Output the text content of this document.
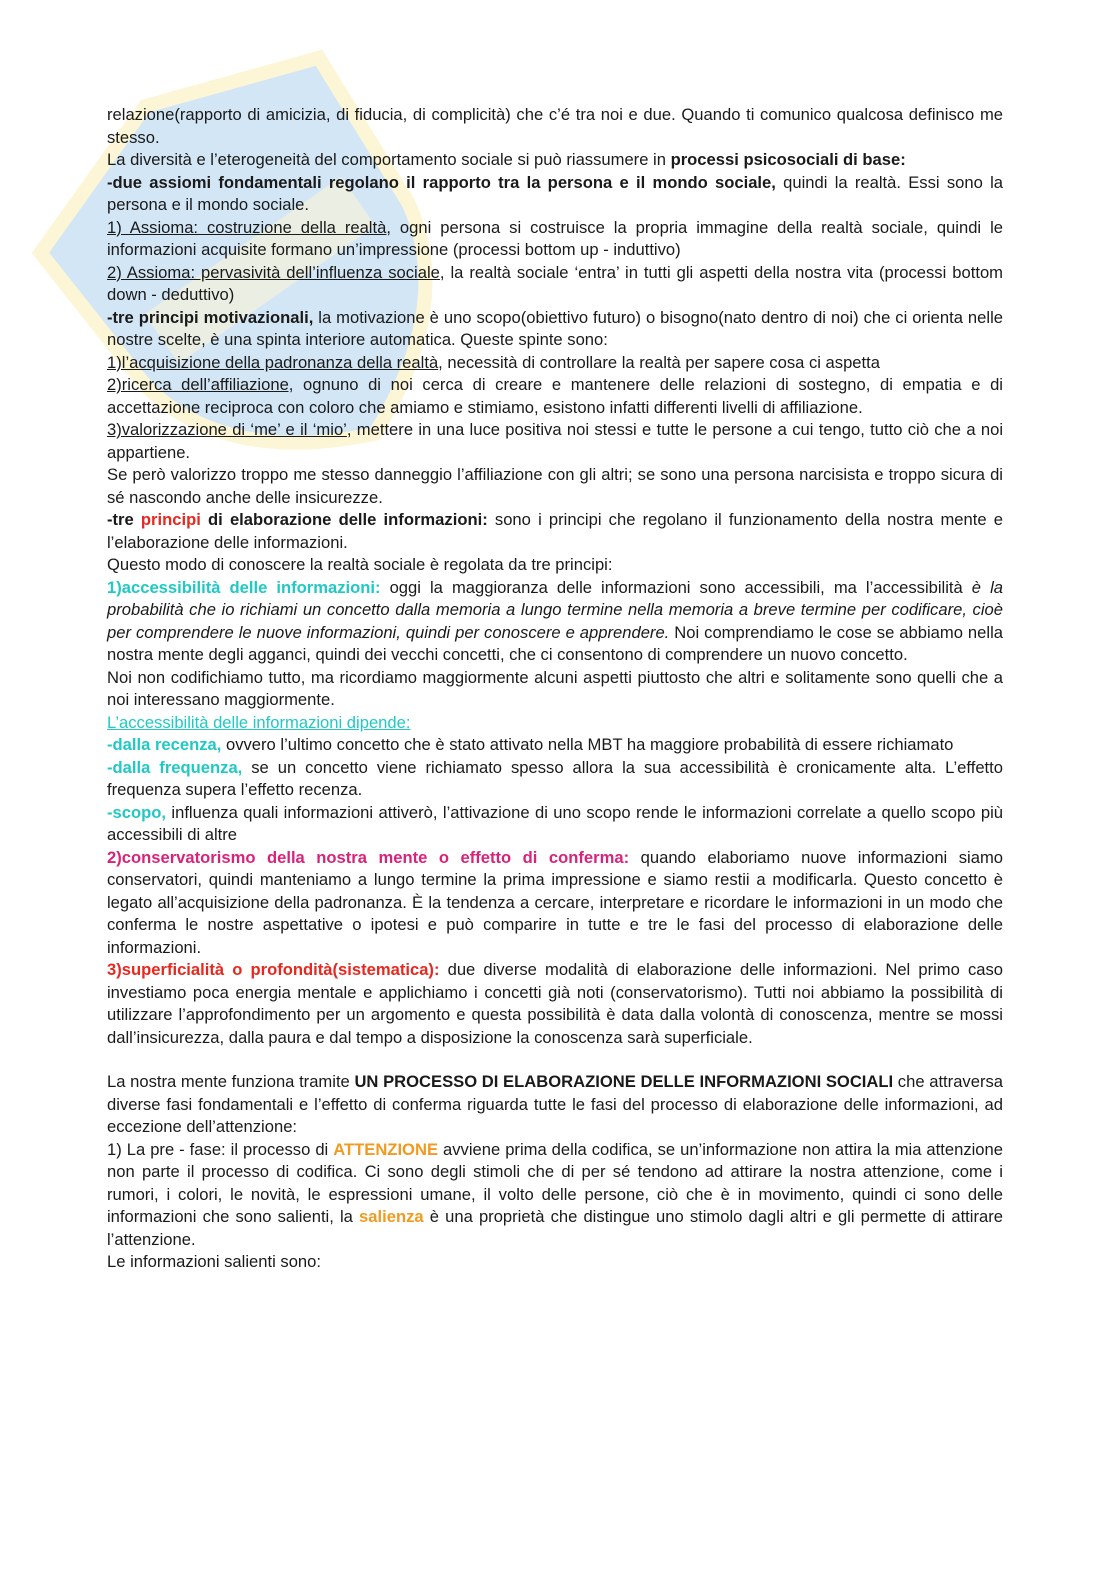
relazione(rapporto di amicizia, di fiducia, di complicità) che c’é tra noi e due. Quando ti comunico qualcosa definisco me stesso.

La diversità e l’eterogeneità del comportamento sociale si può riassumere in processi psicosociali di base:

-due assiomi fondamentali regolano il rapporto tra la persona e il mondo sociale, quindi la realtà. Essi sono la persona e il mondo sociale.

1) Assioma: costruzione della realtà, ogni persona si costruisce la propria immagine della realtà sociale, quindi le informazioni acquisite formano un’impressione (processi bottom up - induttivo)

2) Assioma: pervasività dell’influenza sociale, la realtà sociale ‘entra’ in tutti gli aspetti della nostra vita (processi bottom down - deduttivo)

-tre principi motivazionali, la motivazione è uno scopo(obiettivo futuro) o bisogno(nato dentro di noi) che ci orienta nelle nostre scelte, è una spinta interiore automatica. Queste spinte sono:

1)l’acquisizione della padronanza della realtà, necessità di controllare la realtà per sapere cosa ci aspetta

2)ricerca dell’affiliazione, ognuno di noi cerca di creare e mantenere delle relazioni di sostegno, di empatia e di accettazione reciproca con coloro che amiamo e stimiamo, esistono infatti differenti livelli di affiliazione.

3)valorizzazione di ‘me’ e il ‘mio’, mettere in una luce positiva noi stessi e tutte le persone a cui tengo, tutto ciò che a noi appartiene.

Se però valorizzo troppo me stesso danneggio l’affiliazione con gli altri; se sono una persona narcisista e troppo sicura di sé nascondo anche delle insicurezze.

-tre principi di elaborazione delle informazioni: sono i principi che regolano il funzionamento della nostra mente e l’elaborazione delle informazioni.

Questo modo di conoscere la realtà sociale è regolata da tre principi:

1)accessibilità delle informazioni: oggi la maggioranza delle informazioni sono accessibili, ma l’accessibilità è la probabilità che io richiami un concetto dalla memoria a lungo termine nella memoria a breve termine per codificare, cioè per comprendere le nuove informazioni, quindi per conoscere e apprendere. Noi comprendiamo le cose se abbiamo nella nostra mente degli agganci, quindi dei vecchi concetti, che ci consentono di comprendere un nuovo concetto.

Noi non codifichiamo tutto, ma ricordiamo maggiormente alcuni aspetti piuttosto che altri e solitamente sono quelli che a noi interessano maggiormente.

L’accessibilità delle informazioni dipende:

-dalla recenza, ovvero l’ultimo concetto che è stato attivato nella MBT ha maggiore probabilità di essere richiamato

-dalla frequenza, se un concetto viene richiamato spesso allora la sua accessibilità è cronicamente alta. L’effetto frequenza supera l’effetto recenza.

-scopo, influenza quali informazioni attiverò, l’attivazione di uno scopo rende le informazioni correlate a quello scopo più accessibili di altre

2)conservatorismo della nostra mente o effetto di conferma: quando elaboriamo nuove informazioni siamo conservatori, quindi manteniamo a lungo termine la prima impressione e siamo restii a modificarla. Questo concetto è legato all’acquisizione della padronanza. È la tendenza a cercare, interpretare e ricordare le informazioni in un modo che conferma le nostre aspettative o ipotesi e può comparire in tutte e tre le fasi del processo di elaborazione delle informazioni.

3)superficialità o profondità(sistematica): due diverse modalità di elaborazione delle informazioni. Nel primo caso investiamo poca energia mentale e applichiamo i concetti già noti (conservatorismo). Tutti noi abbiamo la possibilità di utilizzare l’approfondimento per un argomento e questa possibilità è data dalla volontà di conoscenza, mentre se mossi dall’insicurezza, dalla paura e dal tempo a disposizione la conoscenza sarà superficiale.

La nostra mente funziona tramite UN PROCESSO DI ELABORAZIONE DELLE INFORMAZIONI SOCIALI che attraversa diverse fasi fondamentali e l’effetto di conferma riguarda tutte le fasi del processo di elaborazione delle informazioni, ad eccezione dell’attenzione:

1) La pre - fase: il processo di ATTENZIONE avviene prima della codifica, se un’informazione non attira la mia attenzione non parte il processo di codifica. Ci sono degli stimoli che di per sé tendono ad attirare la nostra attenzione, come i rumori, i colori, le novità, le espressioni umane, il volto delle persone, ciò che è in movimento, quindi ci sono delle informazioni che sono salienti, la salienza è una proprietà che distingue uno stimolo dagli altri e gli permette di attirare l’attenzione.

Le informazioni salienti sono:
